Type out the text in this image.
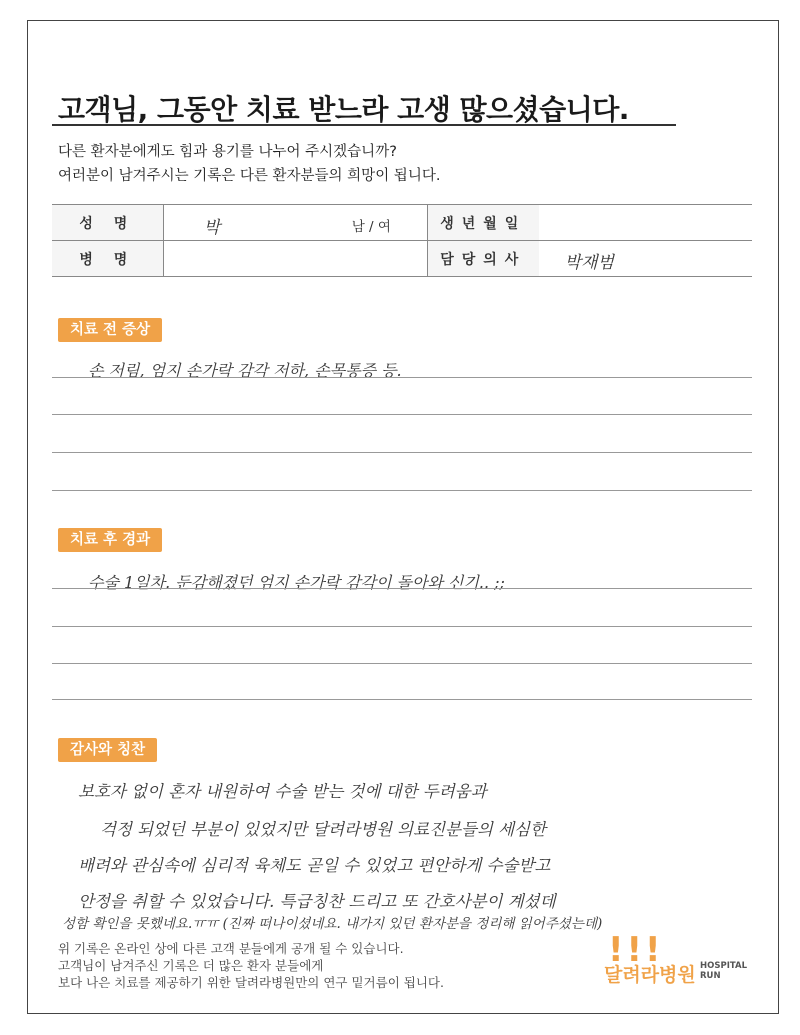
고객님, 그동안 치료 받느라 고생 많으셨습니다.
다른 환자분에게도 힘과 용기를 나누어 주시겠습니까?
여러분이 남겨주시는 기록은 다른 환자분들의 희망이 됩니다.
성 명	박 남 / 여	생년월일	
병 명		담당의사	박재범
치료 전 증상
손 저림, 엄지 손가락 감각 저하, 손목통증 등.
치료 후 경과
수술 1일차. 둔감해졌던 엄지 손가락 감각이 돌아와 신기.. ;;
감사와 칭찬
보호자 없이 혼자 내원하여 수술 받는 것에 대한 두려움과
걱정 되었던 부분이 있었지만 달려라병원 의료진분들의 세심한
배려와 관심속에 심리적 육체도 곧일 수 있었고 편안하게 수술받고
안정을 취할 수 있었습니다. 특급칭찬 드리고 또 간호사분이 계셨데
성함 확인을 못했네요.ㅠㅠ (진짜 떠나이셨네요. 내가지 있던 환자분을 정리해 읽어주셨는데)
위 기록은 온라인 상에 다른 고객 분들에게 공개 될 수 있습니다.
고객님이 남겨주신 기록은 더 많은 환자 분들에게
보다 나은 치료를 제공하기 위한 달려라병원만의 연구 밑거름이 됩니다.
!!!
달려라병원 HOSPITAL
RUN
